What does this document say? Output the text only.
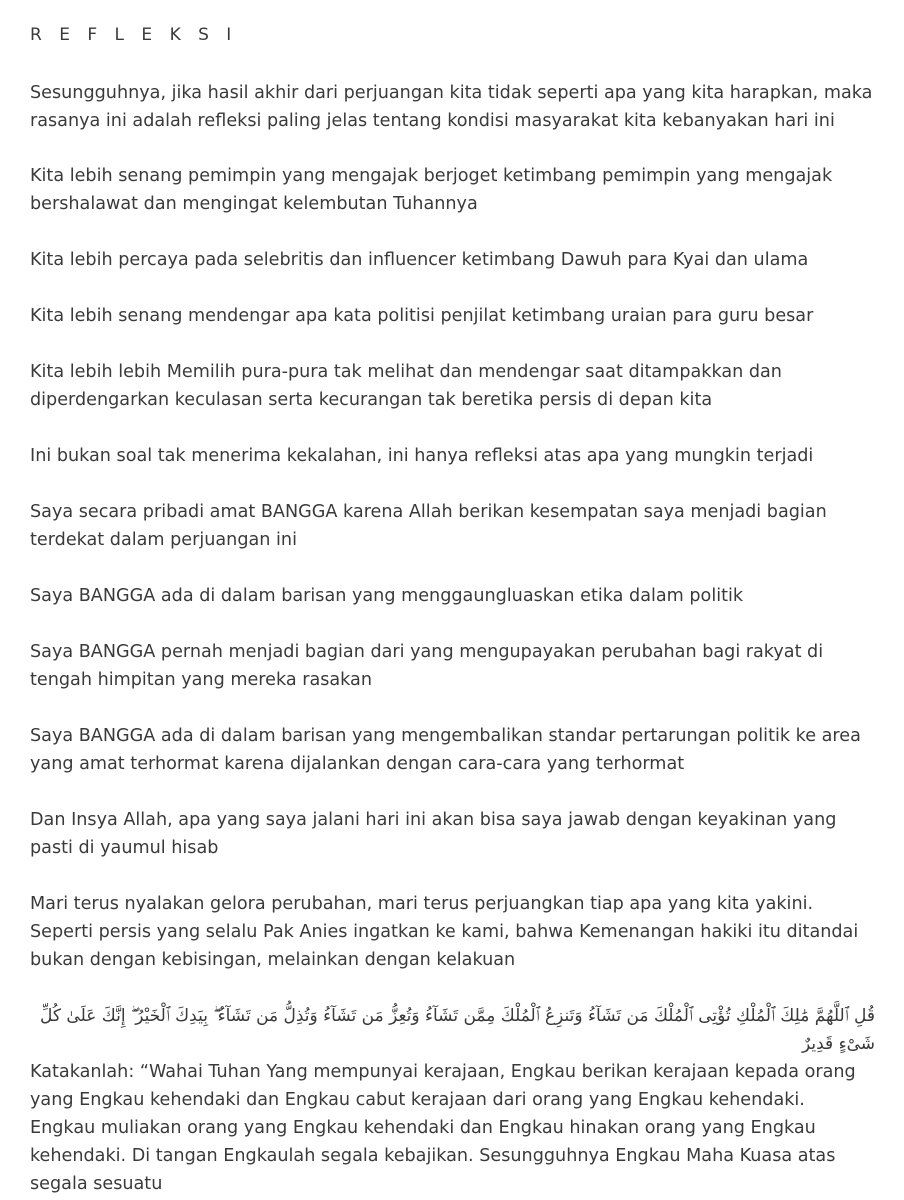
R E F L E K S I

Sesungguhnya, jika hasil akhir dari perjuangan kita tidak seperti apa yang kita harapkan, maka rasanya ini adalah refleksi paling jelas tentang kondisi masyarakat kita kebanyakan hari ini

Kita lebih senang pemimpin yang mengajak berjoget ketimbang pemimpin yang mengajak bershalawat dan mengingat kelembutan Tuhannya

Kita lebih percaya pada selebritis dan influencer ketimbang Dawuh para Kyai dan ulama

Kita lebih senang mendengar apa kata politisi penjilat ketimbang uraian para guru besar

Kita lebih lebih Memilih pura-pura tak melihat dan mendengar saat ditampakkan dan diperdengarkan keculasan serta kecurangan tak beretika persis di depan kita

Ini bukan soal tak menerima kekalahan, ini hanya refleksi atas apa yang mungkin terjadi

Saya secara pribadi amat BANGGA karena Allah berikan kesempatan saya menjadi bagian terdekat dalam perjuangan ini

Saya BANGGA ada di dalam barisan yang menggaungluaskan etika dalam politik

Saya BANGGA pernah menjadi bagian dari yang mengupayakan perubahan bagi rakyat di tengah himpitan yang mereka rasakan

Saya BANGGA ada di dalam barisan yang mengembalikan standar pertarungan politik ke area yang amat terhormat karena dijalankan dengan cara-cara yang terhormat

Dan Insya Allah, apa yang saya jalani hari ini akan bisa saya jawab dengan keyakinan yang pasti di yaumul hisab

Mari terus nyalakan gelora perubahan, mari terus perjuangkan tiap apa yang kita yakini. Seperti persis yang selalu Pak Anies ingatkan ke kami, bahwa Kemenangan hakiki itu ditandai bukan dengan kebisingan, melainkan dengan kelakuan

قُلِ ٱللَّهُمَّ مَٰلِكَ ٱلْمُلْكِ تُؤْتِى ٱلْمُلْكَ مَن تَشَآءُ وَتَنزِعُ ٱلْمُلْكَ مِمَّن تَشَآءُ وَتُعِزُّ مَن تَشَآءُ وَتُذِلُّ مَن تَشَآءُ ۖ بِيَدِكَ ٱلْخَيْرُ ۖ إِنَّكَ عَلَىٰ كُلِّ شَىْءٍ قَدِيرٌ

Katakanlah: “Wahai Tuhan Yang mempunyai kerajaan, Engkau berikan kerajaan kepada orang yang Engkau kehendaki dan Engkau cabut kerajaan dari orang yang Engkau kehendaki. Engkau muliakan orang yang Engkau kehendaki dan Engkau hinakan orang yang Engkau kehendaki. Di tangan Engkaulah segala kebajikan. Sesungguhnya Engkau Maha Kuasa atas segala sesuatu
